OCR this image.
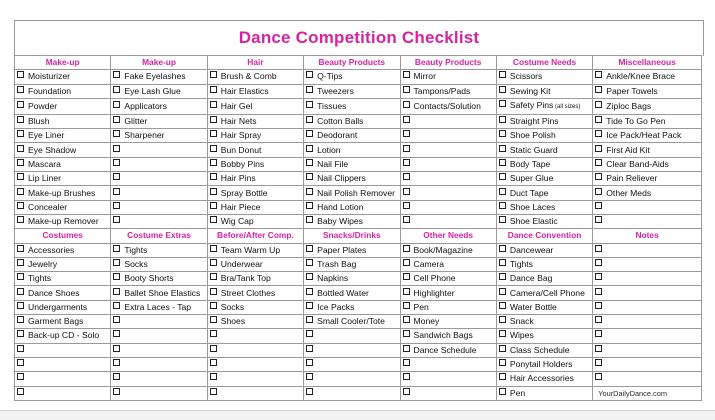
Dance Competition Checklist
Make-up	Make-up	Hair	Beauty Products	Beauty Products	Costume Needs	Miscellaneous
Moisturizer	Fake Eyelashes	Brush & Comb	Q-Tips	Mirror	Scissors	Ankle/Knee Brace
Foundation	Eye Lash Glue	Hair Elastics	Tweezers	Tampons/Pads	Sewing Kit	Paper Towels
Powder	Applicators	Hair Gel	Tissues	Contacts/Solution	Safety Pins (all sizes)	Ziploc Bags
Blush	Glitter	Hair Nets	Cotton Balls		Straight Pins	Tide To Go Pen
Eye Liner	Sharpener	Hair Spray	Deodorant		Shoe Polish	Ice Pack/Heat Pack
Eye Shadow		Bun Donut	Lotion		Static Guard	First Aid Kit
Mascara		Bobby Pins	Nail File		Body Tape	Clear Band-Aids
Lip Liner		Hair Pins	Nail Clippers		Super Glue	Pain Reliever
Make-up Brushes		Spray Bottle	Nail Polish Remover		Duct Tape	Other Meds
Concealer		Hair Piece	Hand Lotion		Shoe Laces	
Make-up Remover		Wig Cap	Baby Wipes		Shoe Elastic	
Costumes	Costume Extras	Before/After Comp.	Snacks/Drinks	Other Needs	Dance Convention	Notes
Accessories	Tights	Team Warm Up	Paper Plates	Book/Magazine	Dancewear	
Jewelry	Socks	Underwear	Trash Bag	Camera	Tights	
Tights	Booty Shorts	Bra/Tank Top	Napkins	Cell Phone	Dance Bag	
Dance Shoes	Ballet Shoe Elastics	Street Clothes	Bottled Water	Highlighter	Camera/Cell Phone	
Undergarments	Extra Laces - Tap	Socks	Ice Packs	Pen	Water Bottle	
Garment Bags		Shoes	Small Cooler/Tote	Money	Snack	
Back-up CD - Solo				Sandwich Bags	Wipes	
				Dance Schedule	Class Schedule	
					Ponytail Holders	
					Hair Accessories	
					Pen	YourDailyDance.com
